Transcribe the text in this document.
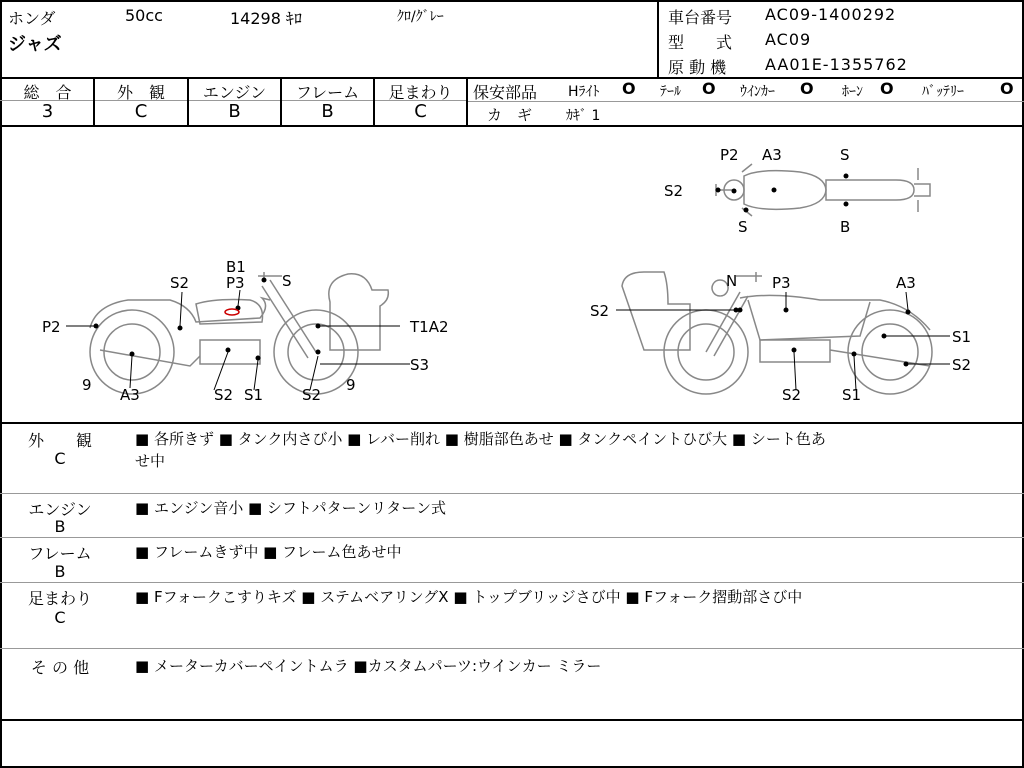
ホンダ	50cc	14298 ｷﾛ	ｸﾛ/ｸﾞﾚｰ
ジャズ
車台番号 AC09-1400292
型　　式 AC09
原 動 機 AA01E-1355762
総　合
3
外　観
C
エンジン
B
フレーム
B
足まわり
C
保安部品 Hﾗｲﾄ O ﾃｰﾙ O ｳｲﾝｶｰ O ﾎｰﾝ O ﾊﾞｯﾃﾘｰ O
カ　ギ ｶｷﾞ 1
P2 A3	S
S2
S	B
B1
P3 S
S2
P2	T1A2
S3
9
A3	S2 S1	S2
9
N P3	A3
S2
S1
S2
S2	S1
外　　観
C
■ 各所きず ■ タンク内さび小 ■ レバー削れ ■ 樹脂部色あせ ■ タンクペイントひび大 ■ シート色あ
せ中
エンジン
B
■ エンジン音小 ■ シフトパターンリターン式
フレーム
B
■ フレームきず中 ■ フレーム色あせ中
足まわり
C
■ Fフォークこすりキズ ■ ステムベアリングX ■ トップブリッジさび中 ■ Fフォーク摺動部さび中
そ の 他	■ メーターカバーペイントムラ ■カスタムパーツ:ウインカー ミラー
